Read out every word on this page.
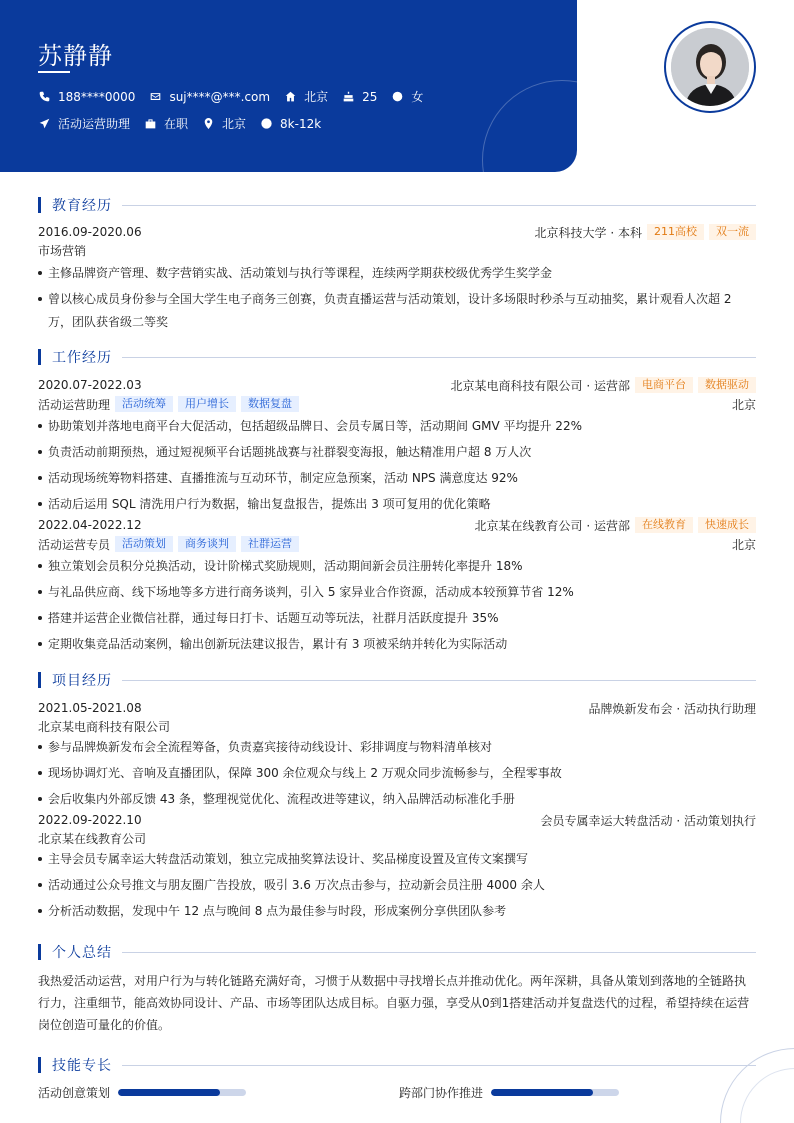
苏静静
188****0000	suj****@***.com	北京	25	女
活动运营助理	在职	北京	8k-12k
教育经历
2016.09-2020.06	北京科技大学 · 本科	211高校	双一流
市场营销
主修品牌资产管理、数字营销实战、活动策划与执行等课程，连续两学期获校级优秀学生奖学金
曾以核心成员身份参与全国大学生电子商务三创赛，负责直播运营与活动策划，设计多场限时秒杀与互动抽奖，累计观看人次超 2
万，团队获省级二等奖
工作经历
2020.07-2022.03	北京某电商科技有限公司 · 运营部	电商平台	数据驱动
活动运营助理	活动统筹	用户增长	数据复盘	北京
协助策划并落地电商平台大促活动，包括超级品牌日、会员专属日等，活动期间 GMV 平均提升 22%
负责活动前期预热，通过短视频平台话题挑战赛与社群裂变海报，触达精准用户超 8 万人次
活动现场统筹物料搭建、直播推流与互动环节，制定应急预案，活动 NPS 满意度达 92%
活动后运用 SQL 清洗用户行为数据，输出复盘报告，提炼出 3 项可复用的优化策略
2022.04-2022.12	北京某在线教育公司 · 运营部	在线教育	快速成长
活动运营专员	活动策划	商务谈判	社群运营	北京
独立策划会员积分兑换活动，设计阶梯式奖励规则，活动期间新会员注册转化率提升 18%
与礼品供应商、线下场地等多方进行商务谈判，引入 5 家异业合作资源，活动成本较预算节省 12%
搭建并运营企业微信社群，通过每日打卡、话题互动等玩法，社群月活跃度提升 35%
定期收集竞品活动案例，输出创新玩法建议报告，累计有 3 项被采纳并转化为实际活动
项目经历
2021.05-2021.08	品牌焕新发布会 · 活动执行助理
北京某电商科技有限公司
参与品牌焕新发布会全流程筹备，负责嘉宾接待动线设计、彩排调度与物料清单核对
现场协调灯光、音响及直播团队，保障 300 余位观众与线上 2 万观众同步流畅参与，全程零事故
会后收集内外部反馈 43 条，整理视觉优化、流程改进等建议，纳入品牌活动标准化手册
2022.09-2022.10	会员专属幸运大转盘活动 · 活动策划执行
北京某在线教育公司
主导会员专属幸运大转盘活动策划，独立完成抽奖算法设计、奖品梯度设置及宣传文案撰写
活动通过公众号推文与朋友圈广告投放，吸引 3.6 万次点击参与，拉动新会员注册 4000 余人
分析活动数据，发现中午 12 点与晚间 8 点为最佳参与时段，形成案例分享供团队参考
个人总结
我热爱活动运营，对用户行为与转化链路充满好奇，习惯于从数据中寻找增长点并推动优化。两年深耕，具备从策划到落地的全链路执
行力，注重细节，能高效协同设计、产品、市场等团队达成目标。自驱力强，享受从0到1搭建活动并复盘迭代的过程，希望持续在运营
岗位创造可量化的价值。
技能专长
活动创意策划	跨部门协作推进
